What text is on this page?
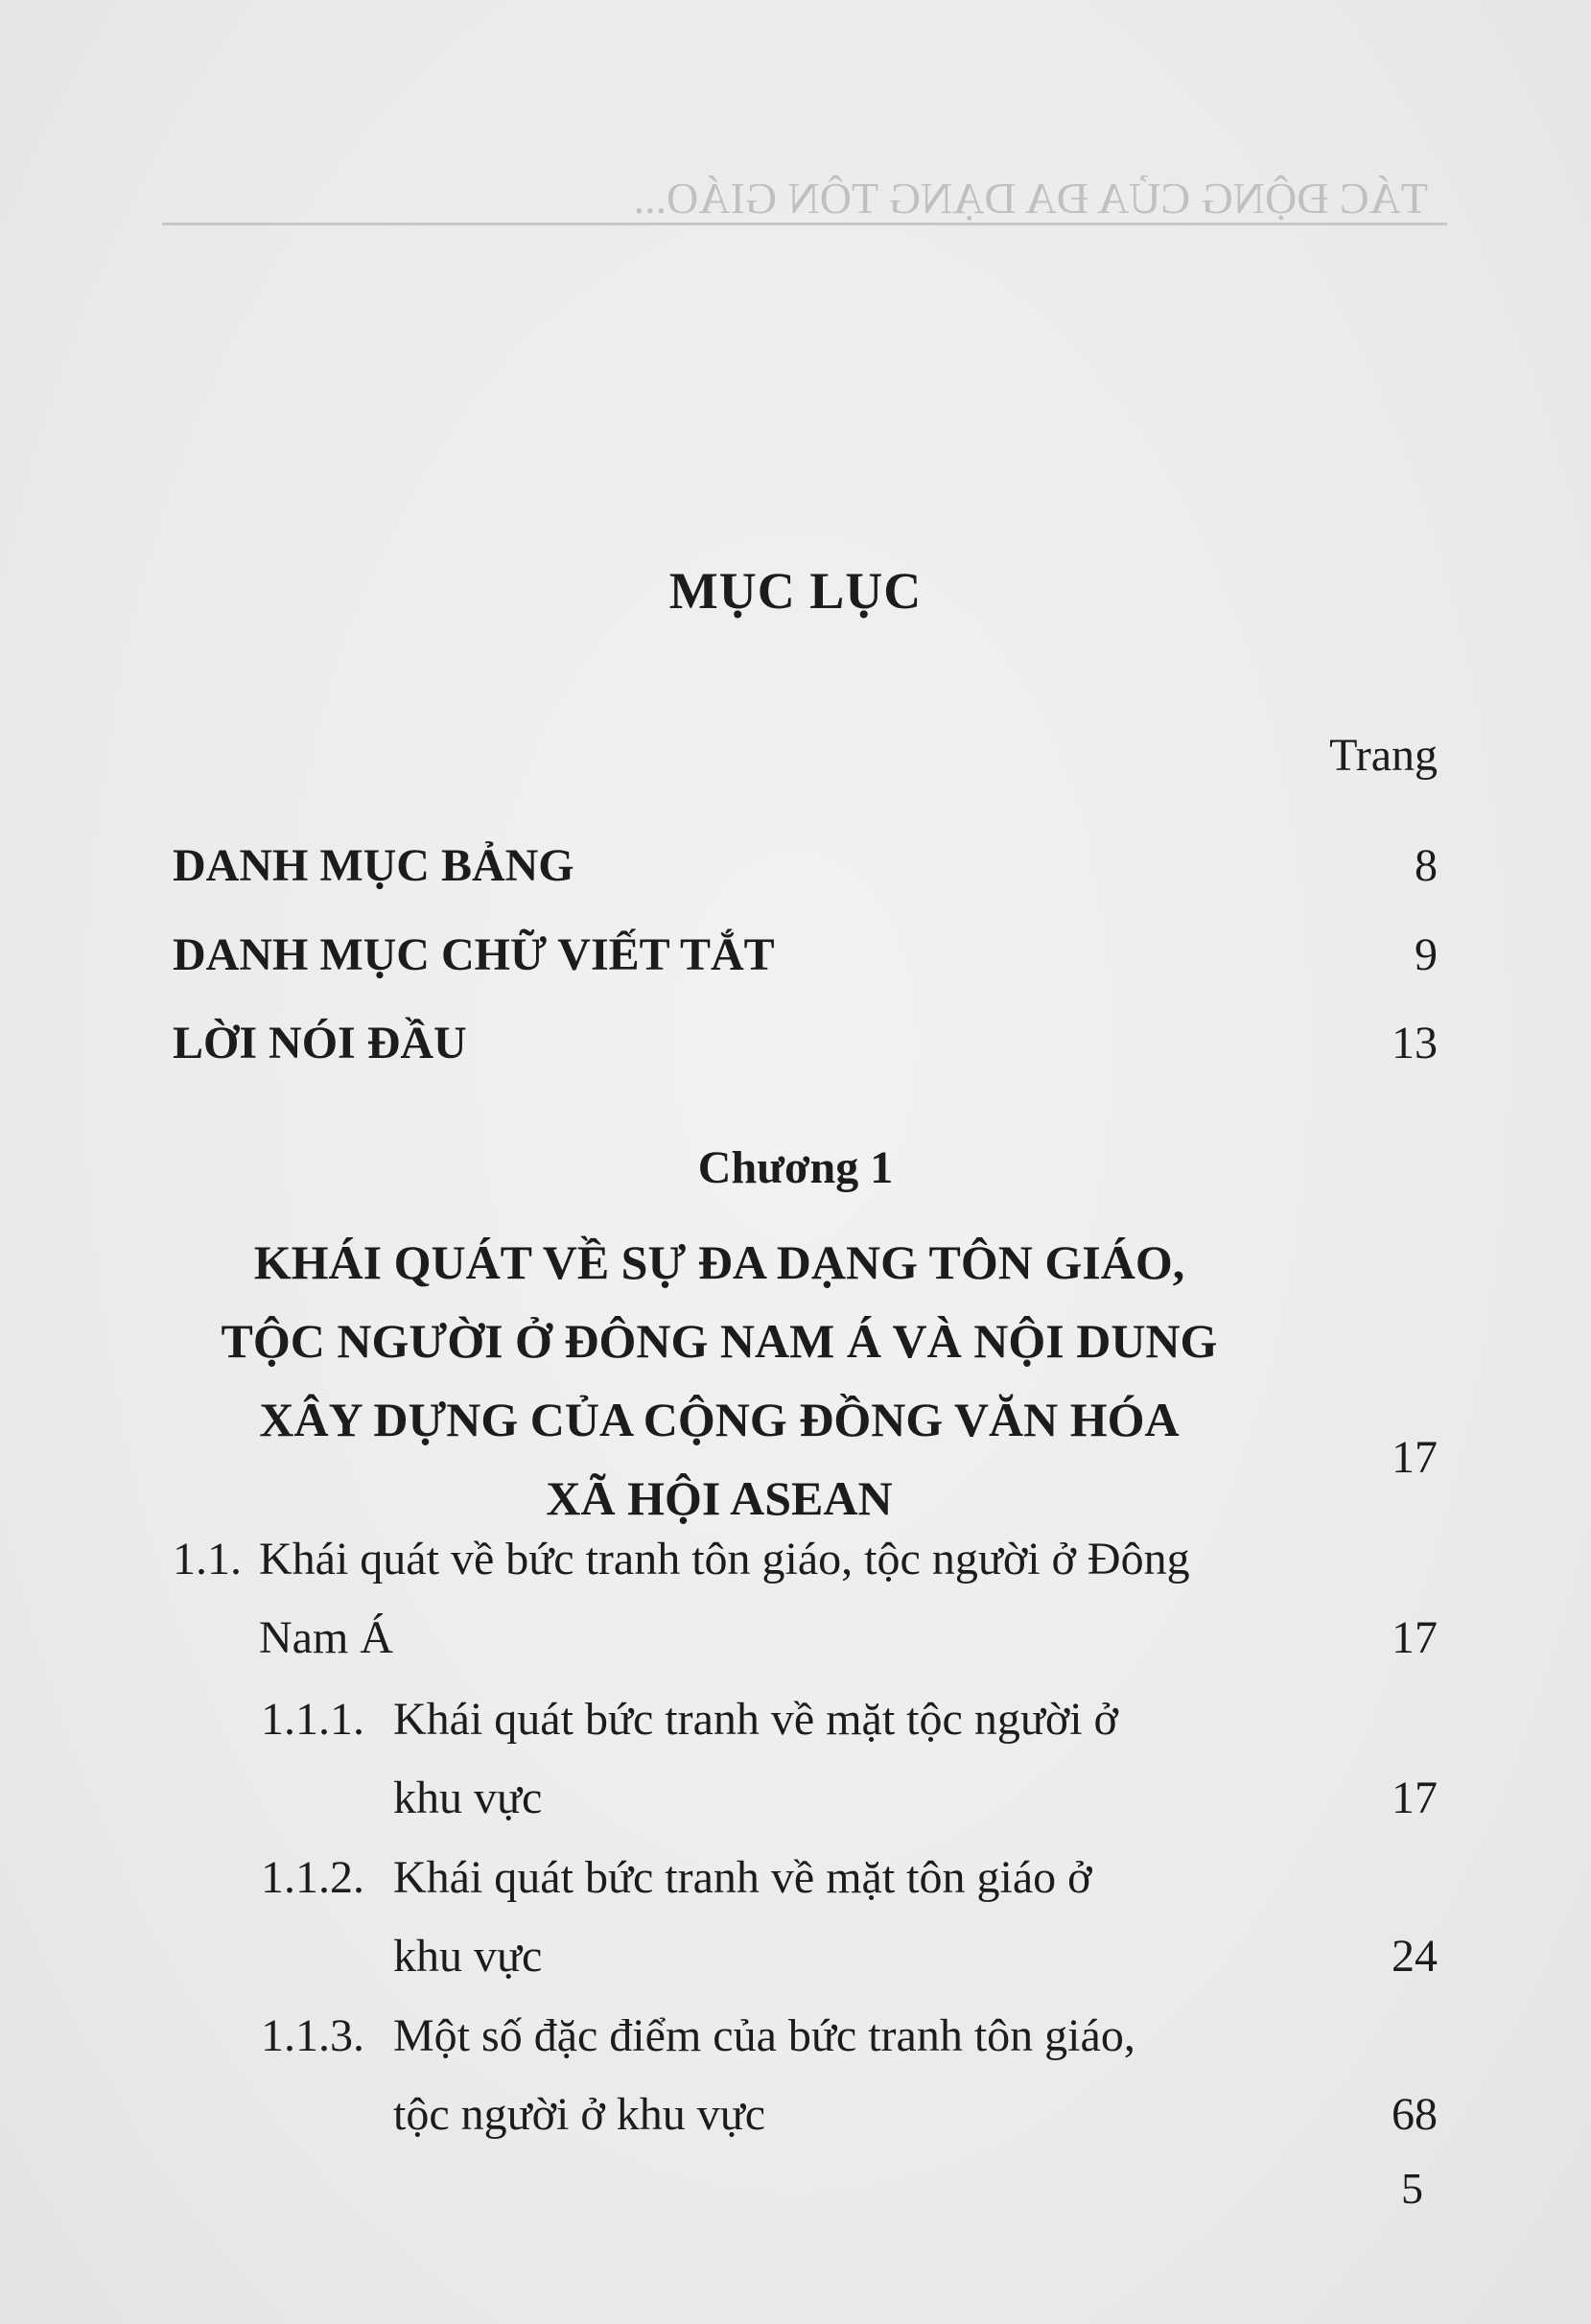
TÁC ĐỘNG CỦA ĐA DẠNG TÔN GIÁO...
MỤC LỤC
Trang
DANH MỤC BẢNG	8
DANH MỤC CHỮ VIẾT TẮT	9
LỜI NÓI ĐẦU	13
Chương 1
KHÁI QUÁT VỀ SỰ ĐA DẠNG TÔN GIÁO,
TỘC NGƯỜI Ở ĐÔNG NAM Á VÀ NỘI DUNG
XÂY DỰNG CỦA CỘNG ĐỒNG VĂN HÓA
XÃ HỘI ASEAN
17
1.1. Khái quát về bức tranh tôn giáo, tộc người ở Đông
Nam Á	17
1.1.1. Khái quát bức tranh về mặt tộc người ở
khu vực	17
1.1.2. Khái quát bức tranh về mặt tôn giáo ở
khu vực	24
1.1.3. Một số đặc điểm của bức tranh tôn giáo,
tộc người ở khu vực	68
5
